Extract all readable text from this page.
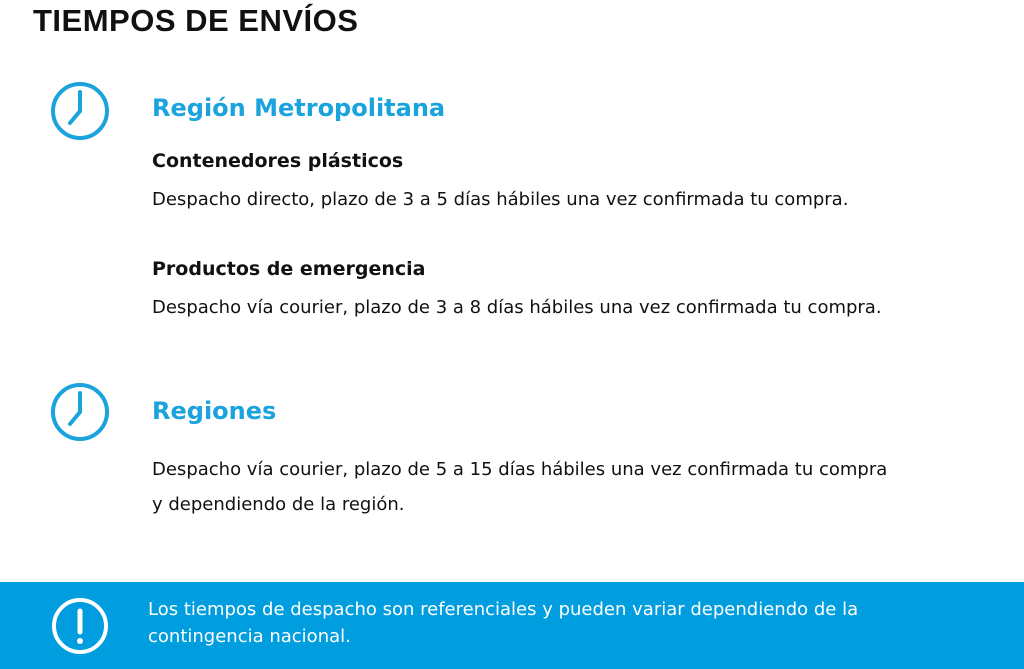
TIEMPOS DE ENVÍOS
Región Metropolitana
Contenedores plásticos

Despacho directo, plazo de 3 a 5 días hábiles una vez confirmada tu compra.

Productos de emergencia

Despacho vía courier, plazo de 3 a 8 días hábiles una vez confirmada tu compra.

Regiones

Despacho vía courier, plazo de 5 a 15 días hábiles una vez confirmada tu compra y dependiendo de la región.

Los tiempos de despacho son referenciales y pueden variar dependiendo de la contingencia nacional.
